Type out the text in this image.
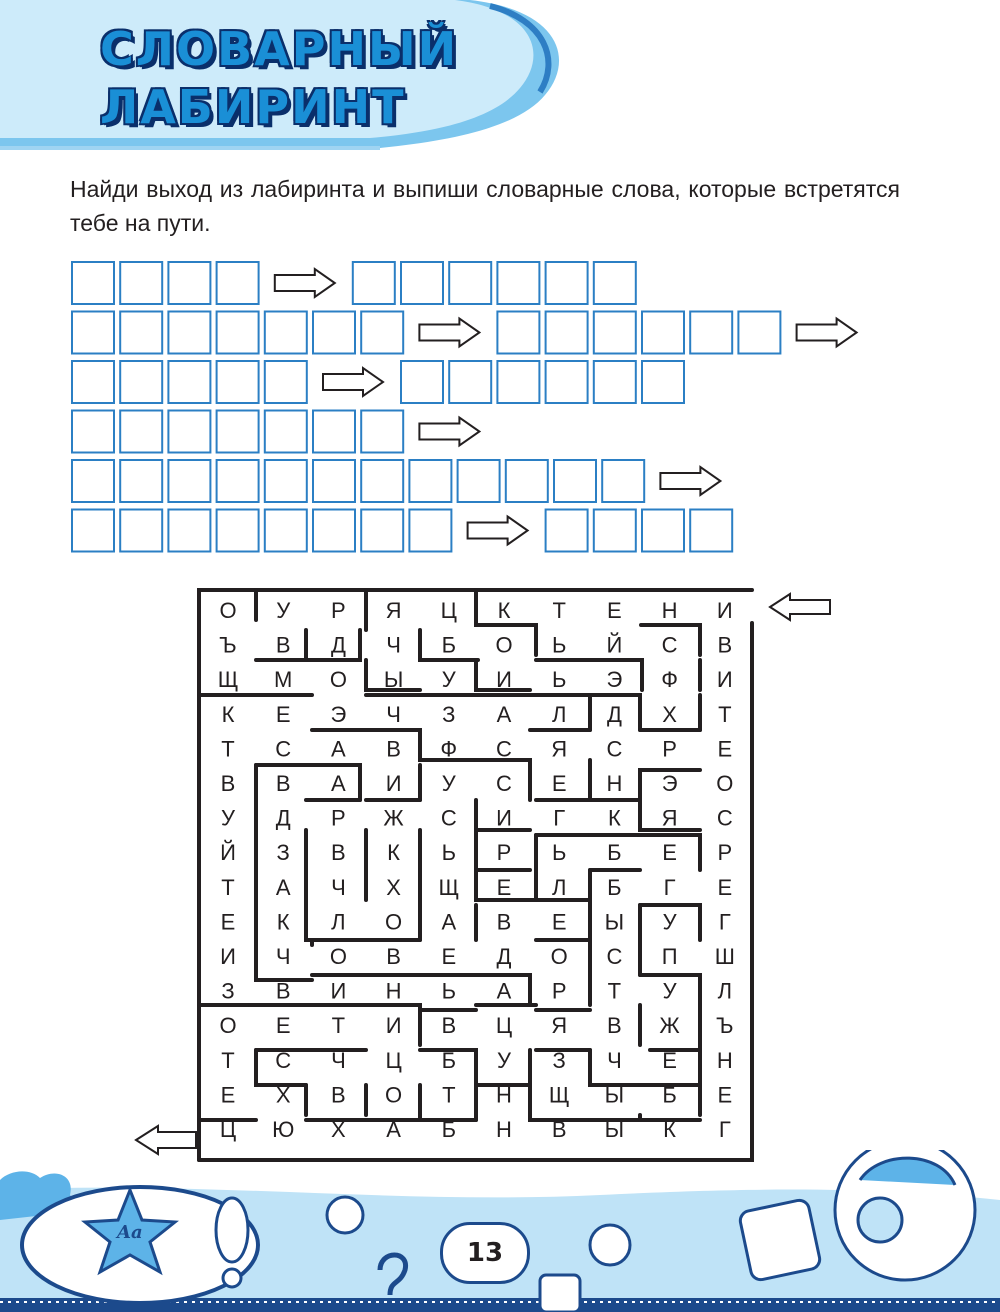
СЛОВАРНЫЙ
ЛАБИРИНТ

Найди выход из лабиринта и выпиши словарные слова, которые встретятся тебе на пути.

О У Р Я Ц К Т Е Н И
Ъ В Д Ч Б О Ь Й С В
Щ М О Ы У И Ь Э Ф И
К Е Э Ч З А Л Д Х Т
Т С А В Ф С Я С Р Е
В В А И У С Е Н Э О
У Д Р Ж С И Г К Я С
Й З В К Ь Р Ь Б Е Р
Т А Ч Х Щ Е Л Б Г Е
Е К Л О А В Е Ы У Г
И Ч О В Е Д О С П Ш
З В И Н Ь А Р Т У Л
О Е Т И В Ц Я В Ж Ъ
Т С Ч Ц Б У З Ч Е Н
Е Х В О Т Н Щ Ы Б Е
Ц Ю Х А Б Н В Ы К Г
13
Aa
